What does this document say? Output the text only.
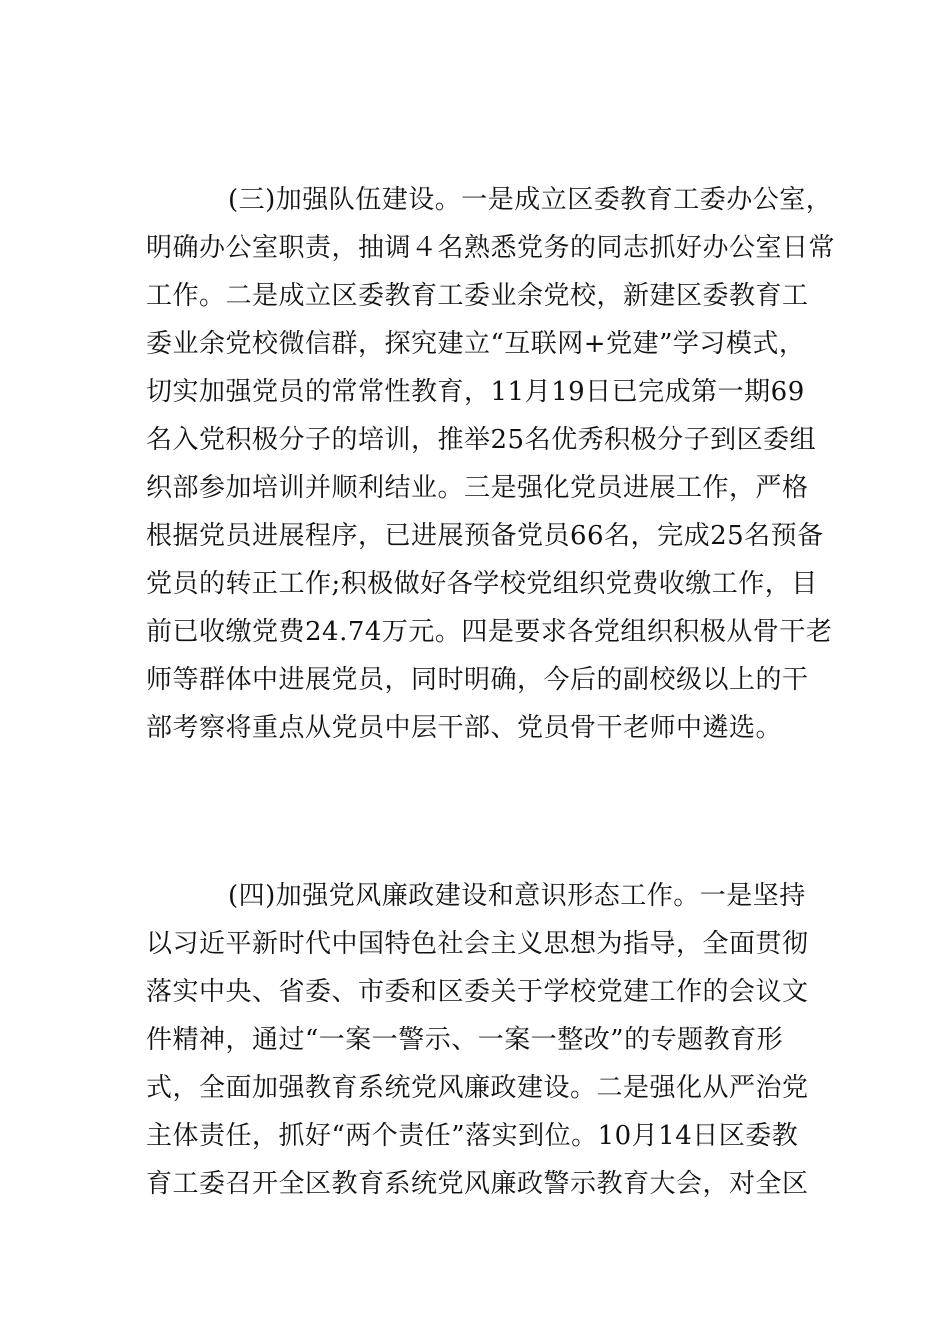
(三)加强队伍建设。一是成立区委教育工委办公室，
明确办公室职责，抽调４名熟悉党务的同志抓好办公室日常
工作。二是成立区委教育工委业余党校，新建区委教育工
委业余党校微信群，探究建立“互联网+党建”学习模式，
切实加强党员的常常性教育，11月19日已完成第一期69
名入党积极分子的培训，推举25名优秀积极分子到区委组
织部参加培训并顺利结业。三是强化党员进展工作，严格
根据党员进展程序，已进展预备党员66名，完成25名预备
党员的转正工作;积极做好各学校党组织党费收缴工作，目
前已收缴党费24.74万元。四是要求各党组织积极从骨干老
师等群体中进展党员，同时明确，今后的副校级以上的干
部考察将重点从党员中层干部、党员骨干老师中遴选。
(四)加强党风廉政建设和意识形态工作。一是坚持
以习近平新时代中国特色社会主义思想为指导，全面贯彻
落实中央、省委、市委和区委关于学校党建工作的会议文
件精神，通过“一案一警示、一案一整改”的专题教育形
式，全面加强教育系统党风廉政建设。二是强化从严治党
主体责任，抓好“两个责任”落实到位。10月14日区委教
育工委召开全区教育系统党风廉政警示教育大会，对全区
